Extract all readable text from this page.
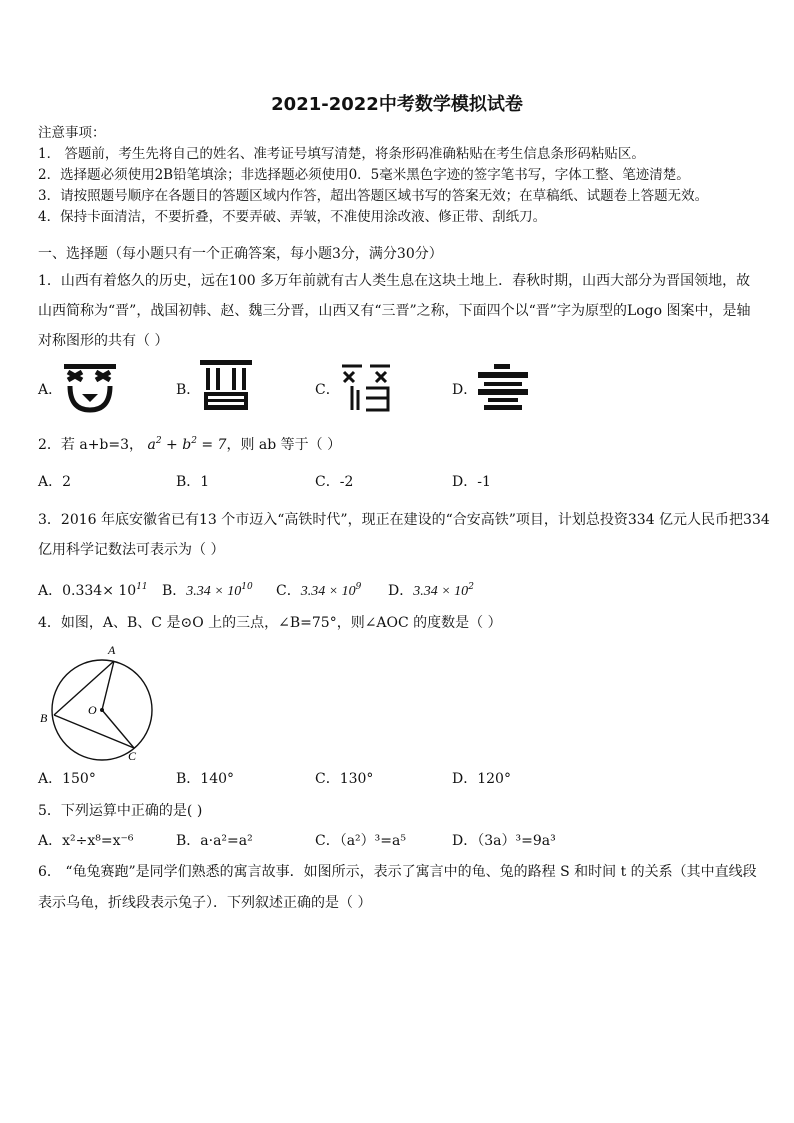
2021-2022中考数学模拟试卷
注意事项：
1． 答题前，考生先将自己的姓名、准考证号填写清楚，将条形码准确粘贴在考生信息条形码粘贴区。
2．选择题必须使用2B铅笔填涂；非选择题必须使用0．5毫米黑色字迹的签字笔书写，字体工整、笔迹清楚。
3．请按照题号顺序在各题目的答题区域内作答，超出答题区域书写的答案无效；在草稿纸、试题卷上答题无效。
4．保持卡面清洁，不要折叠，不要弄破、弄皱，不准使用涂改液、修正带、刮纸刀。
一、选择题（每小题只有一个正确答案，每小题3分，满分30分）
1．山西有着悠久的历史，远在100 多万年前就有古人类生息在这块土地上．春秋时期，山西大部分为晋国领地，故
山西简称为“晋”，战国初韩、赵、魏三分晋，山西又有“三晋”之称，下面四个以“晋”字为原型的Logo 图案中，是轴
对称图形的共有（ ）
A．	B．	C．	D．
2．若 a+b=3， $a^2 + b^2 = 7$，则 ab 等于（ ）
A．2	B．1	C．-2	D．-1
3．2016 年底安徽省已有13 个市迈入“高铁时代”，现正在建设的“合安高铁”项目，计划总投资334 亿元人民币把334
亿用科学记数法可表示为（ ）
A．$0.334\times 10^{11}$ B．$3.34 \times 10^{10}$ C．$3.34 \times 10^9$ D．$3.34 \times 10^2$
4．如图，A、B、C 是⊙O 上的三点，∠B=75°，则∠AOC 的度数是（ ）
A
B
C
O
A．150°	B．140°	C．130°	D．120°
5．下列运算中正确的是( )
A．x²÷x⁸=x⁻⁶	B．a·a²=a²	C．（a²）³=a⁵	D．（3a）³=9a³
6． “龟兔赛跑”是同学们熟悉的寓言故事．如图所示，表示了寓言中的龟、兔的路程 S 和时间 t 的关系（其中直线段
表示乌龟，折线段表示兔子）．下列叙述正确的是（ ）
